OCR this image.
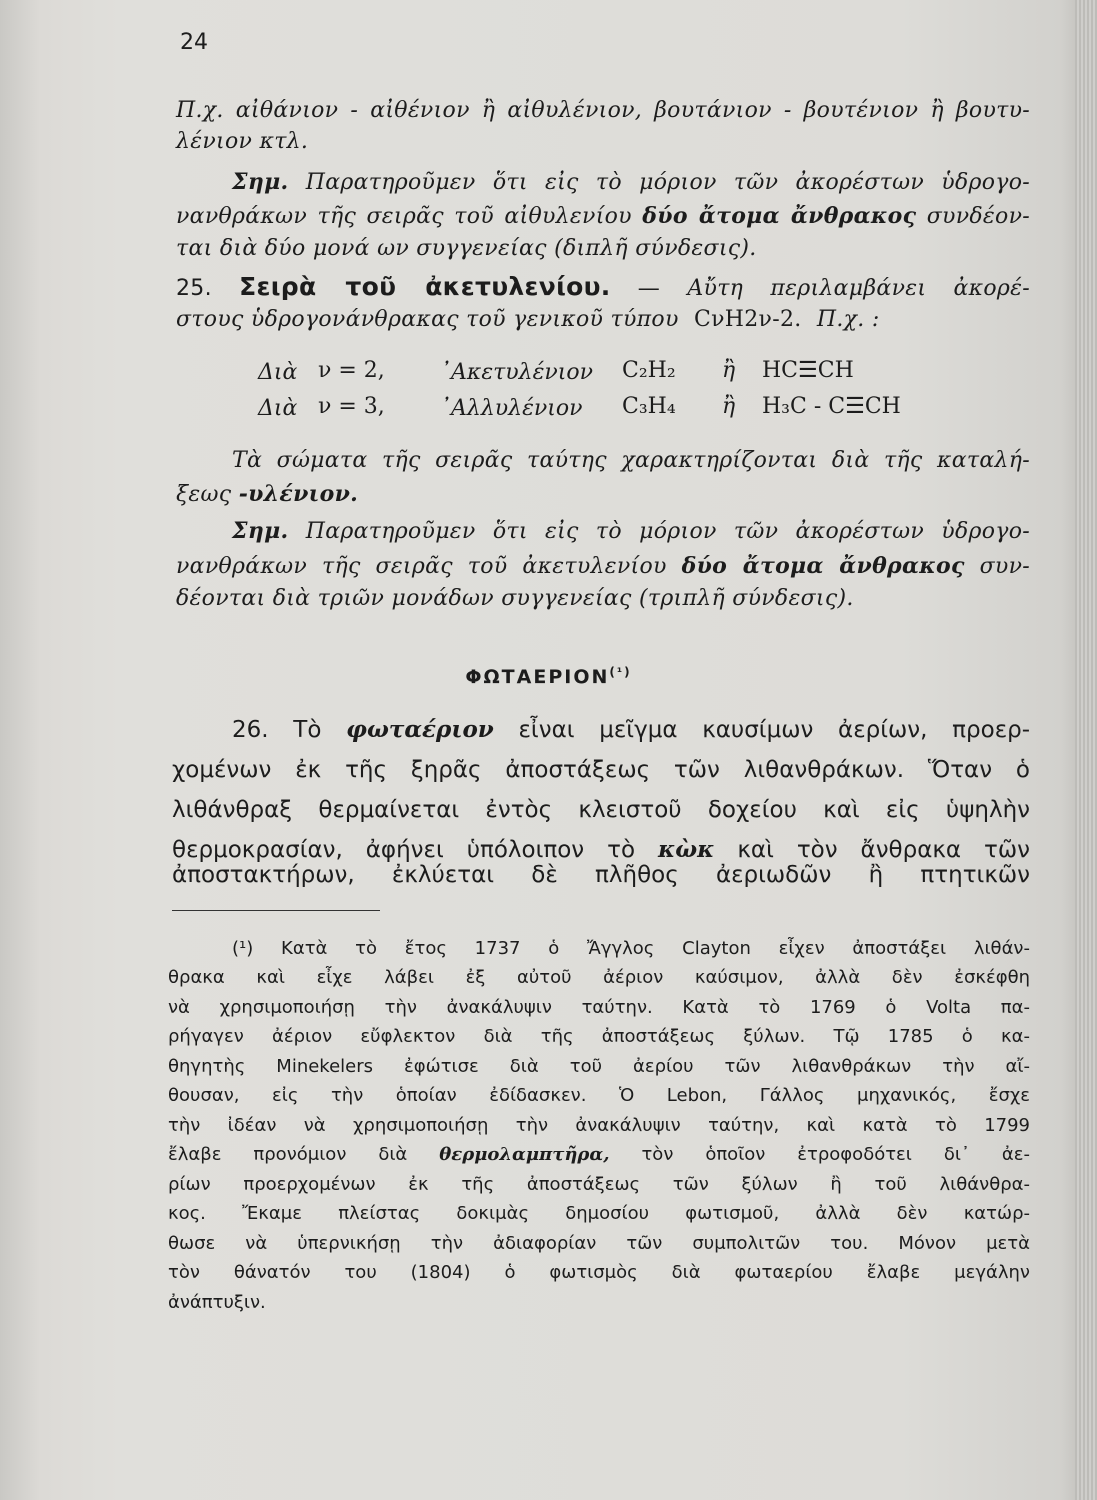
24
Π.χ. αἰθάνιον - αἰθένιον ἢ αἰθυλένιον, βουτάνιον - βουτένιον ἢ βουτυ-
λένιον κτλ.
Σημ. Παρατηροῦμεν ὅτι εἰς τὸ μόριον τῶν ἀκορέστων ὑδρογο-
νανθράκων τῆς σειρᾶς τοῦ αἰθυλενίου δύο ἄτομα ἄνθρακος συνδέον-
ται διὰ δύο μονά ων συγγενείας (διπλῆ σύνδεσις).
25. Σειρὰ τοῦ ἀκετυλενίου. — Αὔτη περιλαμβάνει ἀκορέ-
στους ὑδρογονάνθρακας τοῦ γενικοῦ τύπου CνH2ν-2. Π.χ. :
Διὰ ν = 2,	᾿Ακετυλένιον C₂H₂ ἢ HC☰CH
Διὰ ν = 3,	᾿Αλλυλένιον C₃H₄ ἢ H₃C - C☰CH
Τὰ σώματα τῆς σειρᾶς ταύτης χαρακτηρίζονται διὰ τῆς καταλή-
ξεως -υλένιον.
Σημ. Παρατηροῦμεν ὅτι εἰς τὸ μόριον τῶν ἀκορέστων ὑδρογο-
νανθράκων τῆς σειρᾶς τοῦ ἀκετυλενίου δύο ἄτομα ἄνθρακος συν-
δέονται διὰ τριῶν μονάδων συγγενείας (τριπλῆ σύνδεσις).
$\Phi\Omega TAEPION^{(^1)}$
26. Τὸ φωταέριον εἶναι μεῖγμα καυσίμων ἀερίων, προερ-
χομένων ἐκ τῆς ξηρᾶς ἀποστάξεως τῶν λιθανθράκων. Ὅταν ὁ
λιθάνθραξ θερμαίνεται ἐντὸς κλειστοῦ δοχείου καὶ εἰς ὑψηλὴν
θερμοκρασίαν, ἀφήνει ὑπόλοιπον τὸ κὼκ καὶ τὸν ἄνθρακα τῶν
ἀποστακτήρων, ἐκλύεται δὲ πλῆθος ἀεριωδῶν ἢ πτητικῶν
(¹) Κατὰ τὸ ἔτος 1737 ὁ Ἄγγλος Clayton εἶχεν ἀποστάξει λιθάν-
θρακα καὶ εἶχε λάβει ἐξ αὐτοῦ ἀέριον καύσιμον, ἀλλὰ δὲν ἐσκέφθη
νὰ χρησιμοποιήσῃ τὴν ἀνακάλυψιν ταύτην. Κατὰ τὸ 1769 ὁ Volta πα-
ρήγαγεν ἀέριον εὔφλεκτον διὰ τῆς ἀποστάξεως ξύλων. Τῷ 1785 ὁ κα-
θηγητὴς Minekelers ἐφώτισε διὰ τοῦ ἀερίου τῶν λιθανθράκων τὴν αἴ-
θουσαν, εἰς τὴν ὁποίαν ἐδίδασκεν. Ὁ Lebon, Γάλλος μηχανικός, ἔσχε
τὴν ἰδέαν νὰ χρησιμοποιήσῃ τὴν ἀνακάλυψιν ταύτην, καὶ κατὰ τὸ 1799
ἔλαβε προνόμιον διὰ θερμολαμπτῆρα, τὸν ὁποῖον ἐτροφοδότει δι᾿ ἀε-
ρίων προερχομένων ἐκ τῆς ἀποστάξεως τῶν ξύλων ἢ τοῦ λιθάνθρα-
κος. Ἔκαμε πλείστας δοκιμὰς δημοσίου φωτισμοῦ, ἀλλὰ δὲν κατώρ-
θωσε νὰ ὑπερνικήσῃ τὴν ἀδιαφορίαν τῶν συμπολιτῶν του. Μόνον μετὰ
τὸν θάνατόν του (1804) ὁ φωτισμὸς διὰ φωταερίου ἔλαβε μεγάλην
ἀνάπτυξιν.
